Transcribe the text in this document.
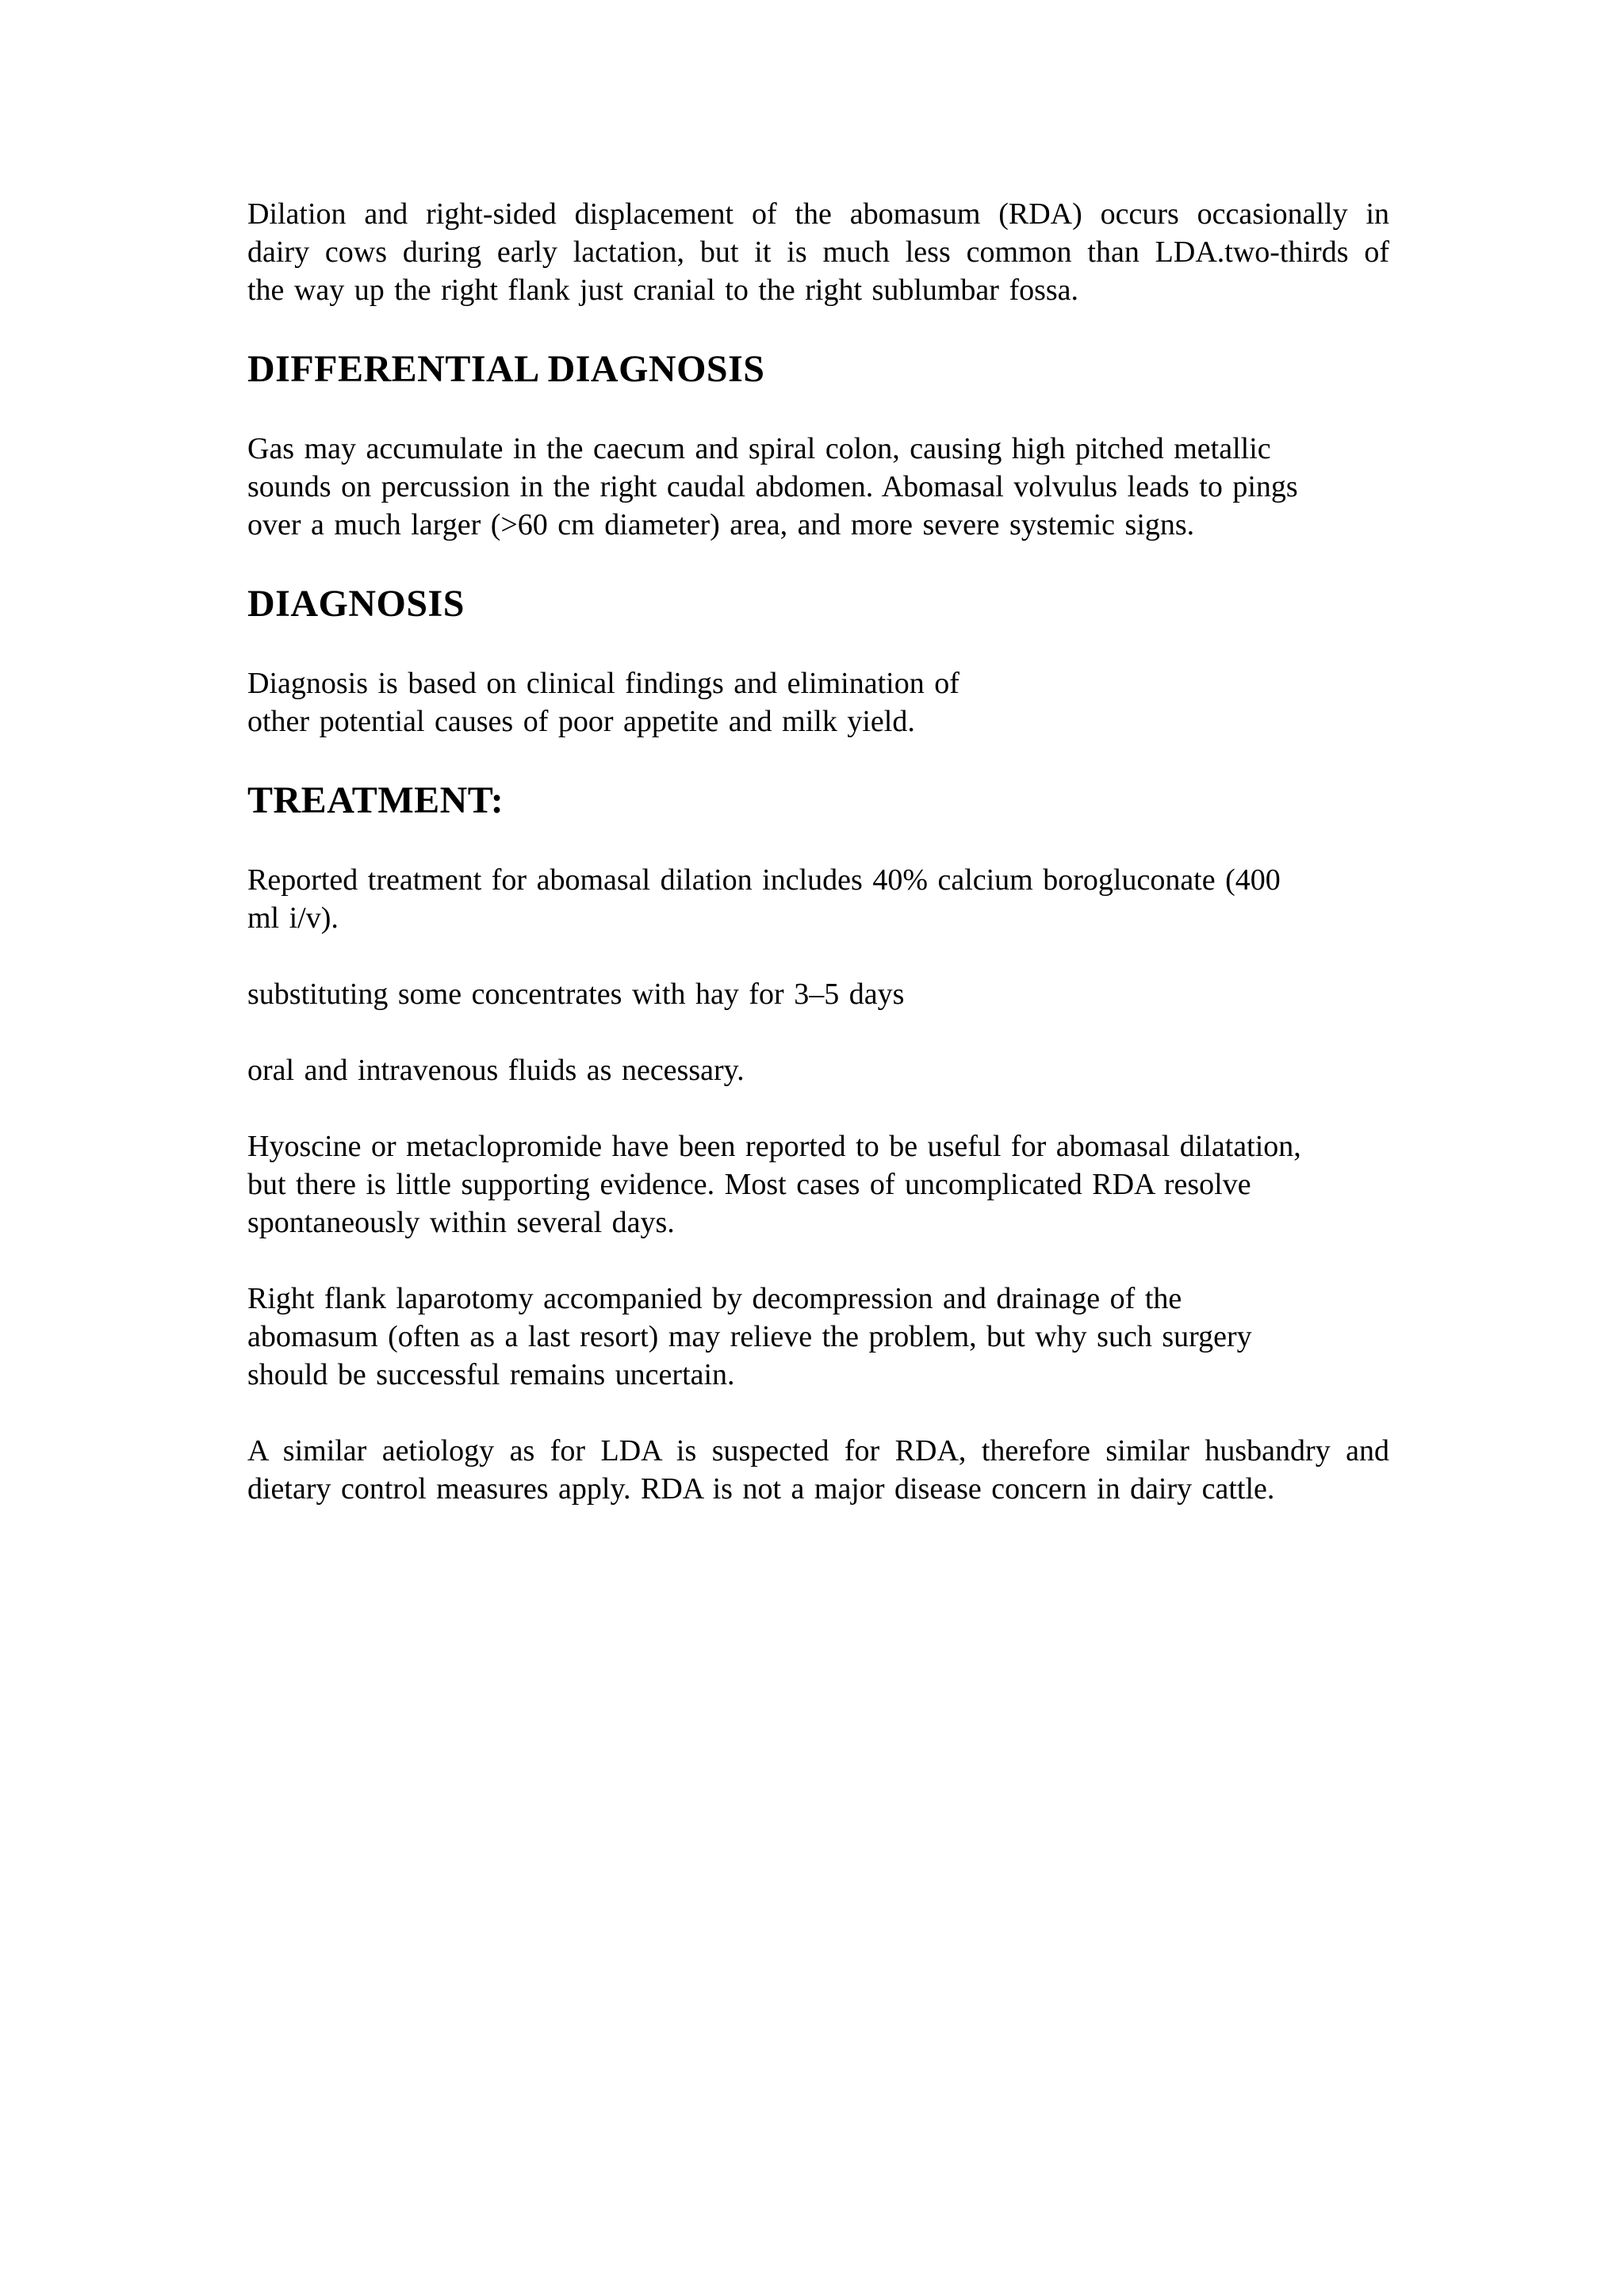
Dilation and right-sided displacement of the abomasum (RDA) occurs occasionally in
dairy cows during early lactation, but it is much less common than LDA.two-thirds of
the way up the right flank just cranial to the right sublumbar fossa.

DIFFERENTIAL DIAGNOSIS

Gas may accumulate in the caecum and spiral colon, causing high pitched metallic
sounds on percussion in the right caudal abdomen. Abomasal volvulus leads to pings
over a much larger (>60 cm diameter) area, and more severe systemic signs.

DIAGNOSIS

Diagnosis is based on clinical findings and elimination of
other potential causes of poor appetite and milk yield.

TREATMENT:

Reported treatment for abomasal dilation includes 40% calcium borogluconate (400
ml i/v).

substituting some concentrates with hay for 3–5 days

oral and intravenous fluids as necessary.

Hyoscine or metaclopromide have been reported to be useful for abomasal dilatation,
but there is little supporting evidence. Most cases of uncomplicated RDA resolve
spontaneously within several days.

Right flank laparotomy accompanied by decompression and drainage of the
abomasum (often as a last resort) may relieve the problem, but why such surgery
should be successful remains uncertain.

A similar aetiology as for LDA is suspected for RDA, therefore similar husbandry and
dietary control measures apply. RDA is not a major disease concern in dairy cattle.
